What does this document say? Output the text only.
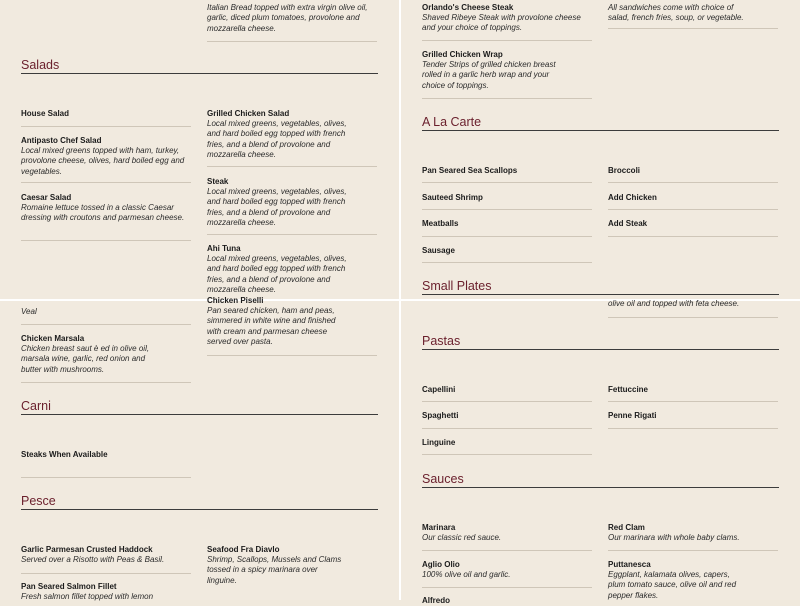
Italian Bread topped with extra virgin olive oil, garlic, diced plum tomatoes, provolone and mozzarella cheese.
Salads
House Salad
Antipasto Chef Salad
Local mixed greens topped with ham, turkey, provolone cheese, olives, hard boiled egg and vegetables.
Caesar Salad
Romaine lettuce tossed in a classic Caesar dressing with croutons and parmesan cheese.
Grilled Chicken Salad
Local mixed greens, vegetables, olives, and hard boiled egg topped with french fries, and a blend of provolone and mozzarella cheese.
Steak
Local mixed greens, vegetables, olives, and hard boiled egg topped with french fries, and a blend of provolone and mozzarella cheese.
Ahi Tuna
Local mixed greens, vegetables, olives, and hard boiled egg topped with french fries, and a blend of provolone and mozzarella cheese.
Orlando's Cheese Steak
Shaved Ribeye Steak with provolone cheese and your choice of toppings.
All sandwiches come with choice of salad, french fries, soup, or vegetable.
Grilled Chicken Wrap
Tender Strips of grilled chicken breast rolled in a garlic herb wrap and your choice of toppings.
A La Carte
Pan Seared Sea Scallops
Sauteed Shrimp
Meatballs
Sausage
Broccoli
Add Chicken
Add Steak
Small Plates
Veal
Chicken Marsala
Chicken breast saut è ed in olive oil, marsala wine, garlic, red onion and butter with mushrooms.
Chicken Piselli
Pan seared chicken, ham and peas, simmered in white wine and finished with cream and parmesan cheese served over pasta.
Carni
Steaks When Available
Pesce
Garlic Parmesan Crusted Haddock
Served over a Risotto with Peas & Basil.
Seafood Fra Diavlo
Shrimp, Scallops, Mussels and Clams tossed in a spicy marinara over linguine.
Pan Seared Salmon Fillet
Fresh salmon fillet topped with lemon
olive oil and topped with feta cheese.
Pastas
Capellini
Spaghetti
Linguine
Fettuccine
Penne Rigati
Sauces
Marinara
Our classic red sauce.
Red Clam
Our marinara with whole baby clams.
Aglio Olio
100% olive oil and garlic.
Puttanesca
Eggplant, kalamata olives, capers, plum tomato sauce, olive oil and red pepper flakes.
Alfredo
